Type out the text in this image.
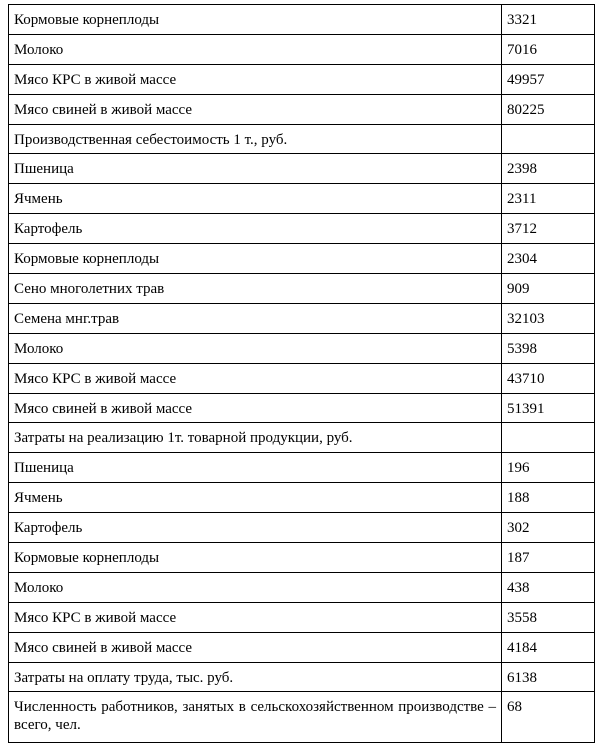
Кормовые корнеплоды	3321
Молоко	7016
Мясо КРС в живой массе	49957
Мясо свиней в живой массе	80225
Производственная себестоимость 1 т., руб.	
Пшеница	2398
Ячмень	2311
Картофель	3712
Кормовые корнеплоды	2304
Сено многолетних трав	909
Семена мнг.трав	32103
Молоко	5398
Мясо КРС в живой массе	43710
Мясо свиней в живой массе	51391
Затраты на реализацию 1т. товарной продукции, руб.	
Пшеница	196
Ячмень	188
Картофель	302
Кормовые корнеплоды	187
Молоко	438
Мясо КРС в живой массе	3558
Мясо свиней в живой массе	4184
Затраты на оплату труда, тыс. руб.	6138
Численность работников, занятых в сельскохозяйственном производстве – всего, чел.	68
